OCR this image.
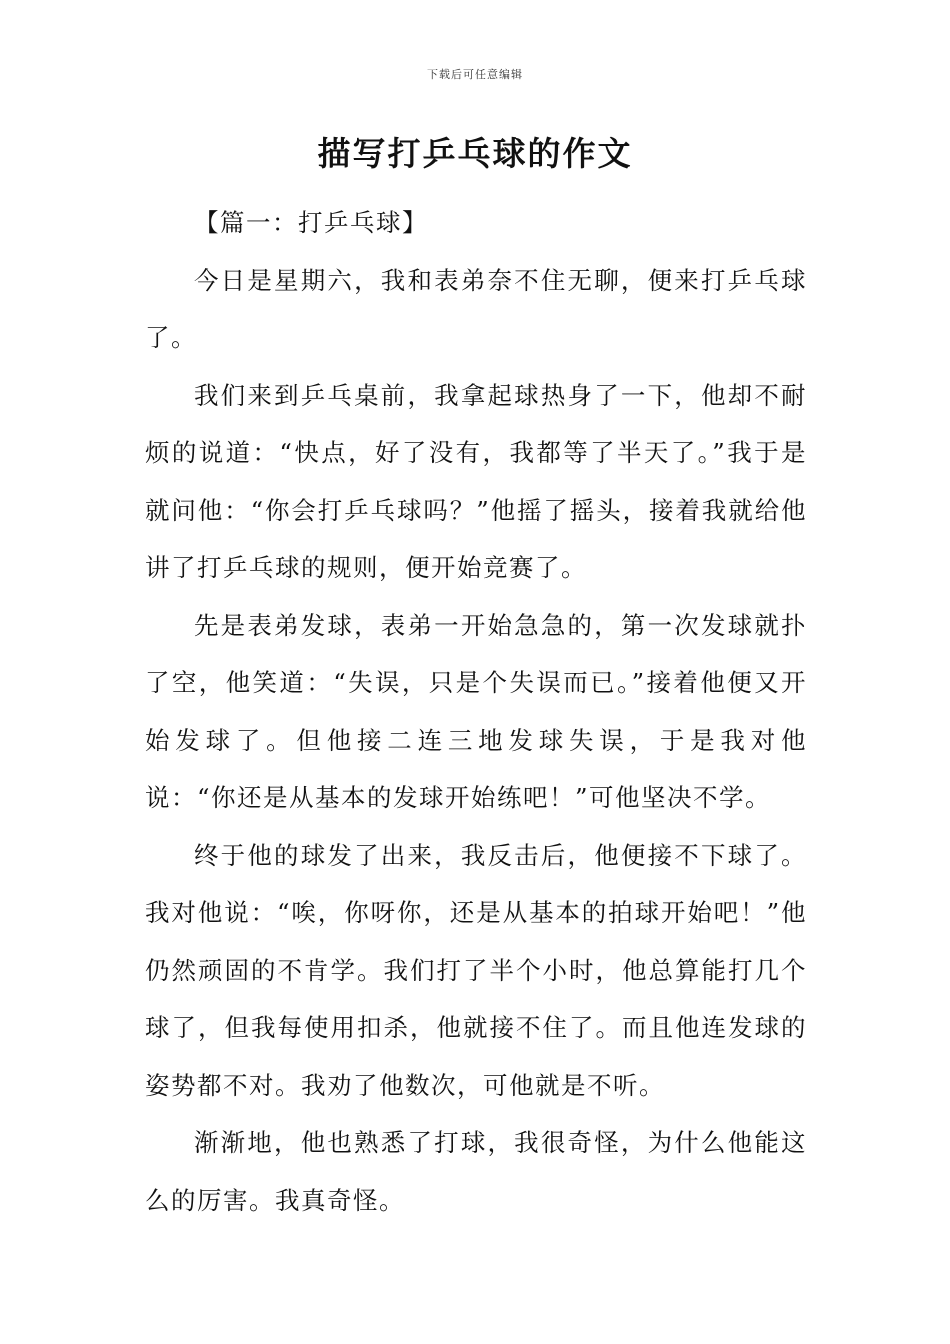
下载后可任意编辑
描写打乒乓球的作文

【篇一：打乒乓球】

今日是星期六，我和表弟奈不住无聊，便来打乒乓球了。

我们来到乒乓桌前，我拿起球热身了一下，他却不耐烦的说道：“快点，好了没有，我都等了半天了。”我于是就问他：“你会打乒乓球吗？”他摇了摇头，接着我就给他讲了打乒乓球的规则，便开始竞赛了。

先是表弟发球，表弟一开始急急的，第一次发球就扑了空，他笑道：“失误，只是个失误而已。”接着他便又开始发球了。但他接二连三地发球失误，于是我对他说：“你还是从基本的发球开始练吧！”可他坚决不学。

终于他的球发了出来，我反击后，他便接不下球了。我对他说：“唉，你呀你，还是从基本的拍球开始吧！”他仍然顽固的不肯学。我们打了半个小时，他总算能打几个球了，但我每使用扣杀，他就接不住了。而且他连发球的姿势都不对。我劝了他数次，可他就是不听。

渐渐地，他也熟悉了打球，我很奇怪，为什么他能这么的厉害。我真奇怪。
